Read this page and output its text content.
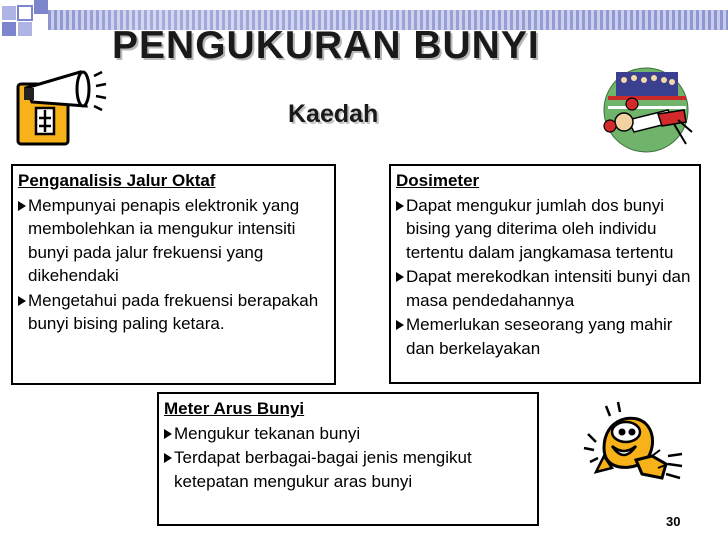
PENGUKURAN BUNYI
Kaedah
Penganalisis Jalur Oktaf
Mempunyai penapis elektronik yang membolehkan ia mengukur intensiti bunyi pada jalur frekuensi yang dikehendaki
Mengetahui pada frekuensi berapakah bunyi bising paling ketara.
Dosimeter
Dapat mengukur jumlah dos bunyi bising yang diterima oleh individu tertentu dalam jangkamasa tertentu
Dapat merekodkan intensiti bunyi dan masa pendedahannya
Memerlukan seseorang yang mahir dan berkelayakan
Meter Arus Bunyi
Mengukur tekanan bunyi
Terdapat berbagai-bagai jenis mengikut ketepatan mengukur aras bunyi
30
